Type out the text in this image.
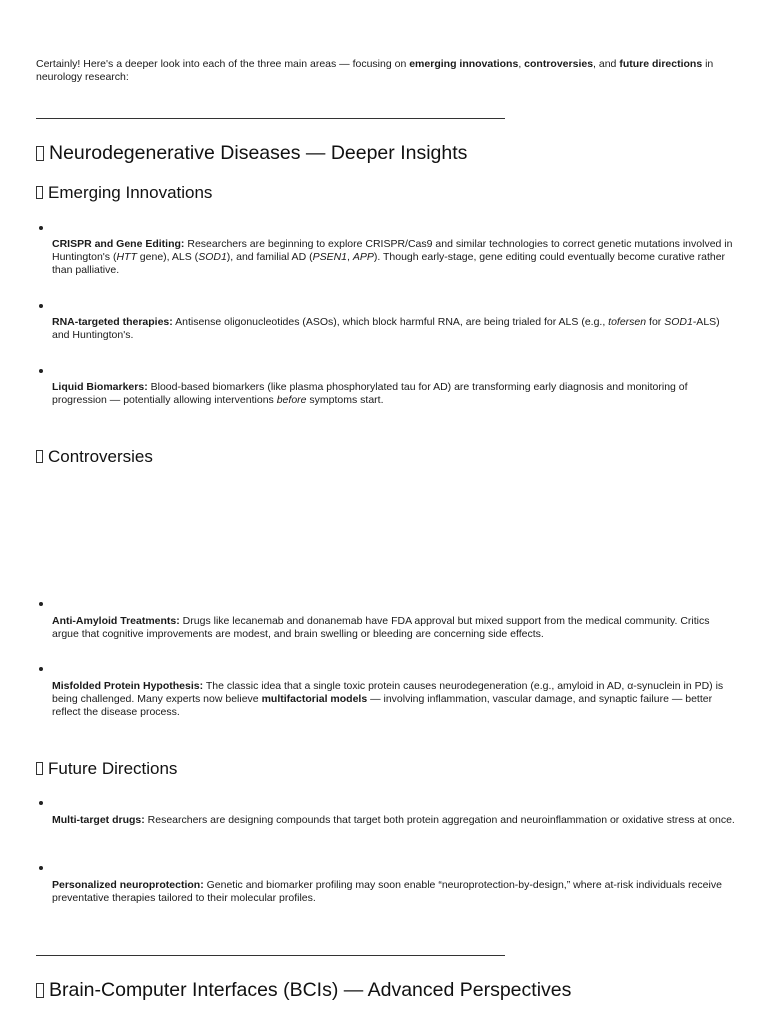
Certainly! Here's a deeper look into each of the three main areas — focusing on emerging innovations, controversies, and future directions in neurology research:

Neurodegenerative Diseases — Deeper Insights
Emerging Innovations

CRISPR and Gene Editing: Researchers are beginning to explore CRISPR/Cas9 and similar technologies to correct genetic mutations involved in Huntington's (HTT gene), ALS (SOD1), and familial AD (PSEN1, APP). Though early-stage, gene editing could eventually become curative rather than palliative.

RNA-targeted therapies: Antisense oligonucleotides (ASOs), which block harmful RNA, are being trialed for ALS (e.g., tofersen for SOD1-ALS) and Huntington's.

Liquid Biomarkers: Blood-based biomarkers (like plasma phosphorylated tau for AD) are transforming early diagnosis and monitoring of progression — potentially allowing interventions before symptoms start.

Controversies

Anti-Amyloid Treatments: Drugs like lecanemab and donanemab have FDA approval but mixed support from the medical community. Critics argue that cognitive improvements are modest, and brain swelling or bleeding are concerning side effects.

Misfolded Protein Hypothesis: The classic idea that a single toxic protein causes neurodegeneration (e.g., amyloid in AD, α-synuclein in PD) is being challenged. Many experts now believe multifactorial models — involving inflammation, vascular damage, and synaptic failure — better reflect the disease process.

Future Directions

Multi-target drugs: Researchers are designing compounds that target both protein aggregation and neuroinflammation or oxidative stress at once.

Personalized neuroprotection: Genetic and biomarker profiling may soon enable “neuroprotection-by-design,” where at-risk individuals receive preventative therapies tailored to their molecular profiles.

Brain-Computer Interfaces (BCIs) — Advanced Perspectives
